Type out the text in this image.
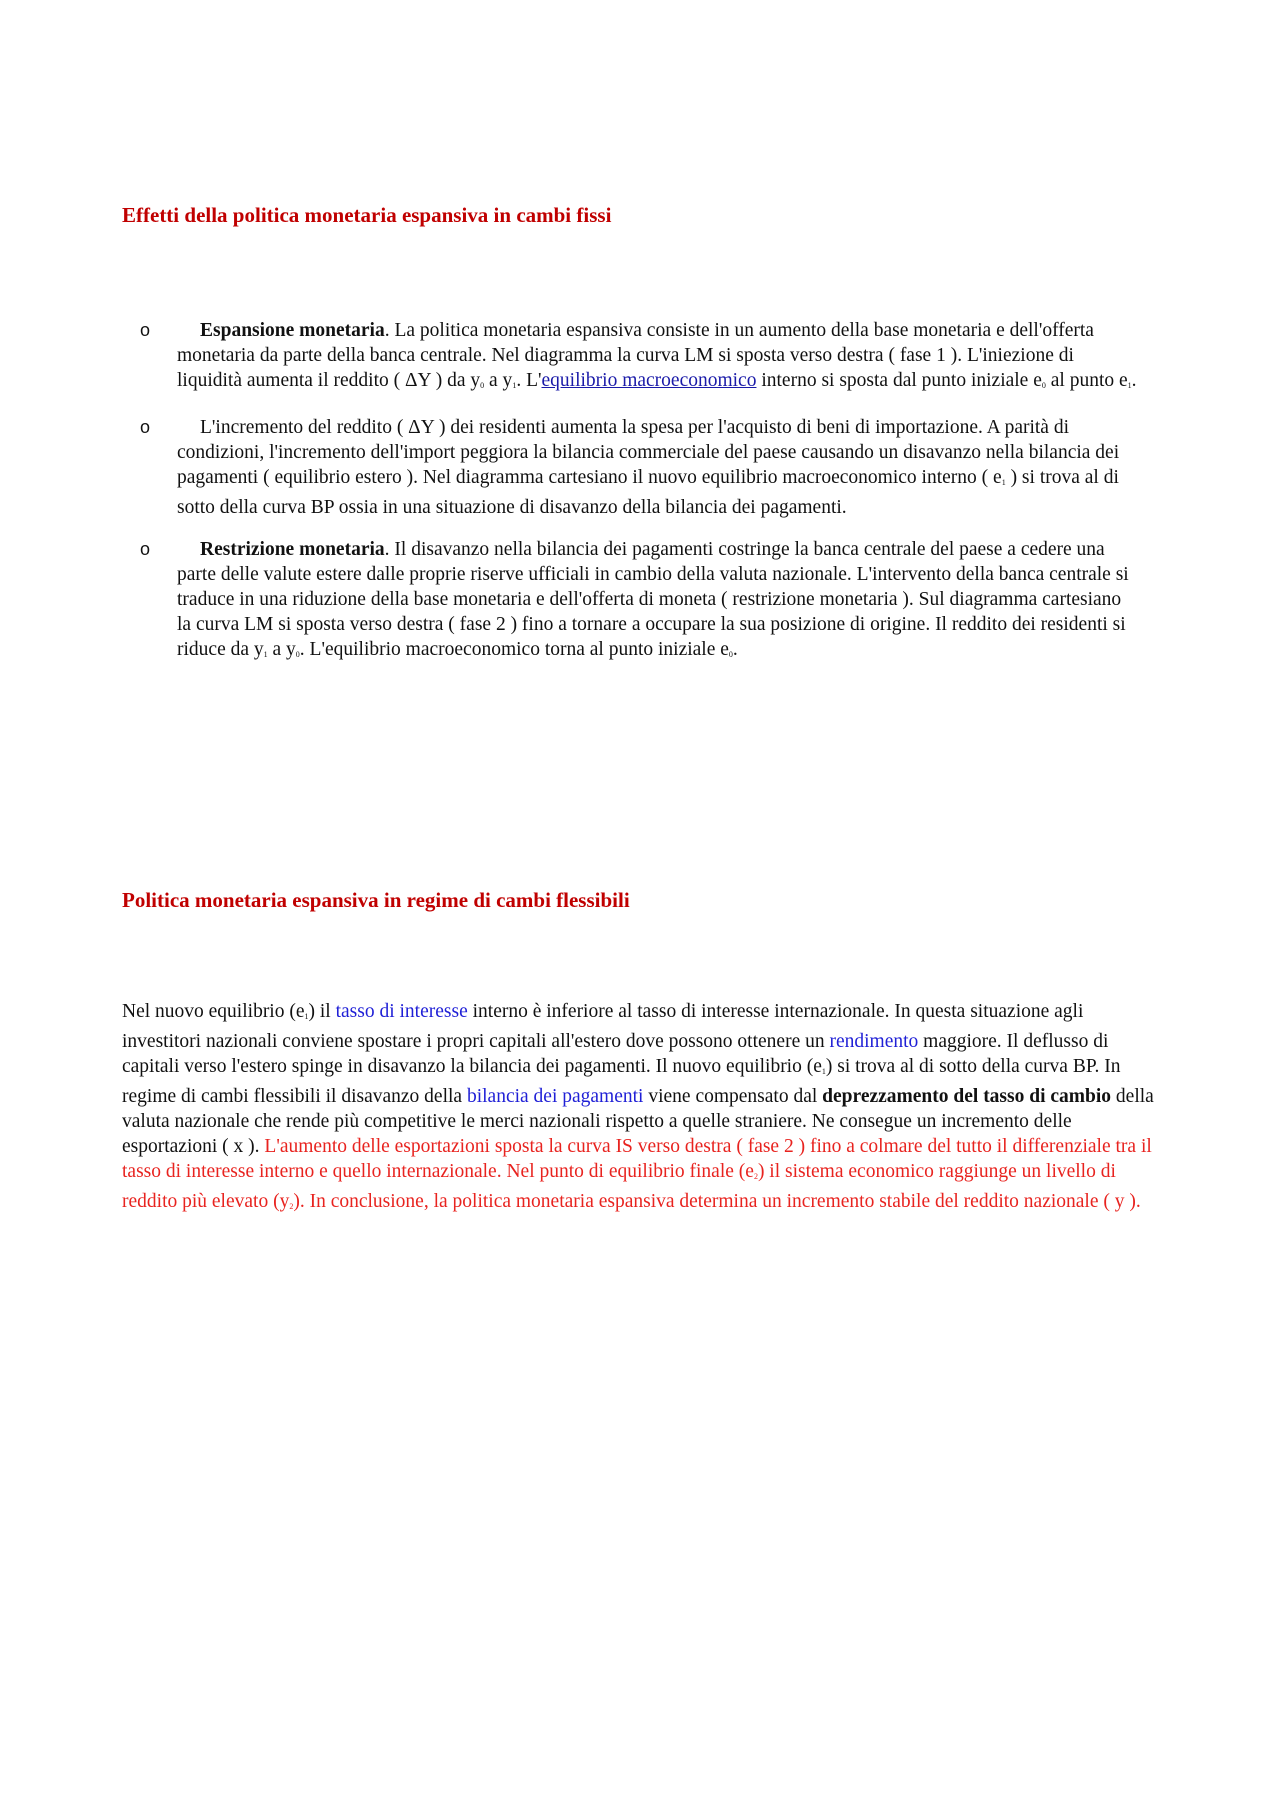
Effetti della politica monetaria espansiva in cambi fissi
o	Espansione monetaria. La politica monetaria espansiva consiste in un aumento della base monetaria e dell'offerta monetaria da parte della banca centrale. Nel diagramma la curva LM si sposta verso destra ( fase 1 ). L'iniezione di liquidità aumenta il reddito ( ΔY ) da $y_0$ a $y_1$. L'equilibrio macroeconomico interno si sposta dal punto iniziale $e_0$ al punto $e_1$.
o	L'incremento del reddito ( ΔY ) dei residenti aumenta la spesa per l'acquisto di beni di importazione. A parità di condizioni, l'incremento dell'import peggiora la bilancia commerciale del paese causando un disavanzo nella bilancia dei pagamenti ( equilibrio estero ). Nel diagramma cartesiano il nuovo equilibrio macroeconomico interno ( $e_1$ ) si trova al di sotto della curva BP ossia in una situazione di disavanzo della bilancia dei pagamenti.
o	Restrizione monetaria. Il disavanzo nella bilancia dei pagamenti costringe la banca centrale del paese a cedere una parte delle valute estere dalle proprie riserve ufficiali in cambio della valuta nazionale. L'intervento della banca centrale si traduce in una riduzione della base monetaria e dell'offerta di moneta ( restrizione monetaria ). Sul diagramma cartesiano la curva LM si sposta verso destra ( fase 2 ) fino a tornare a occupare la sua posizione di origine. Il reddito dei residenti si riduce da $y_1$ a $y_0$. L'equilibrio macroeconomico torna al punto iniziale $e_0$.
Politica monetaria espansiva in regime di cambi flessibili

Nel nuovo equilibrio $(e_1)$ il tasso di interesse interno è inferiore al tasso di interesse internazionale. In questa situazione agli investitori nazionali conviene spostare i propri capitali all'estero dove possono ottenere un rendimento maggiore. Il deflusso di capitali verso l'estero spinge in disavanzo la bilancia dei pagamenti. Il nuovo equilibrio $(e_1)$ si trova al di sotto della curva BP. In regime di cambi flessibili il disavanzo della bilancia dei pagamenti viene compensato dal deprezzamento del tasso di cambio della valuta nazionale che rende più competitive le merci nazionali rispetto a quelle straniere. Ne consegue un incremento delle esportazioni ( x ). L'aumento delle esportazioni sposta la curva IS verso destra ( fase 2 ) fino a colmare del tutto il differenziale tra il tasso di interesse interno e quello internazionale. Nel punto di equilibrio finale $(e_2)$ il sistema economico raggiunge un livello di reddito più elevato $(y_2)$. In conclusione, la politica monetaria espansiva determina un incremento stabile del reddito nazionale ( y ).
